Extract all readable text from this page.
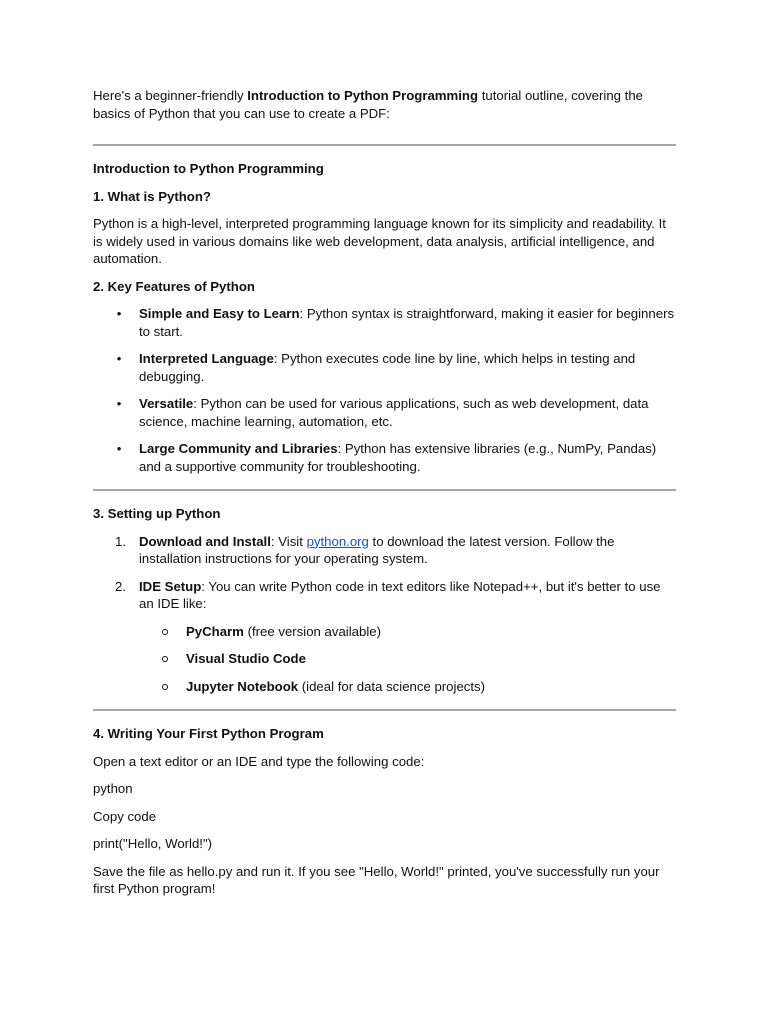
Here's a beginner-friendly Introduction to Python Programming tutorial outline, covering the basics of Python that you can use to create a PDF:

Introduction to Python Programming

1. What is Python?

Python is a high-level, interpreted programming language known for its simplicity and readability. It is widely used in various domains like web development, data analysis, artificial intelligence, and automation.

2. Key Features of Python

• Simple and Easy to Learn: Python syntax is straightforward, making it easier for beginners to start.
• Interpreted Language: Python executes code line by line, which helps in testing and debugging.
• Versatile: Python can be used for various applications, such as web development, data science, machine learning, automation, etc.
• Large Community and Libraries: Python has extensive libraries (e.g., NumPy, Pandas) and a supportive community for troubleshooting.

3. Setting up Python

1. Download and Install: Visit python.org to download the latest version. Follow the installation instructions for your operating system.
2. IDE Setup: You can write Python code in text editors like Notepad++, but it's better to use an IDE like:
PyCharm (free version available)
Visual Studio Code
Jupyter Notebook (ideal for data science projects)

4. Writing Your First Python Program

Open a text editor or an IDE and type the following code:

python

Copy code

print("Hello, World!")

Save the file as hello.py and run it. If you see "Hello, World!" printed, you've successfully run your first Python program!
